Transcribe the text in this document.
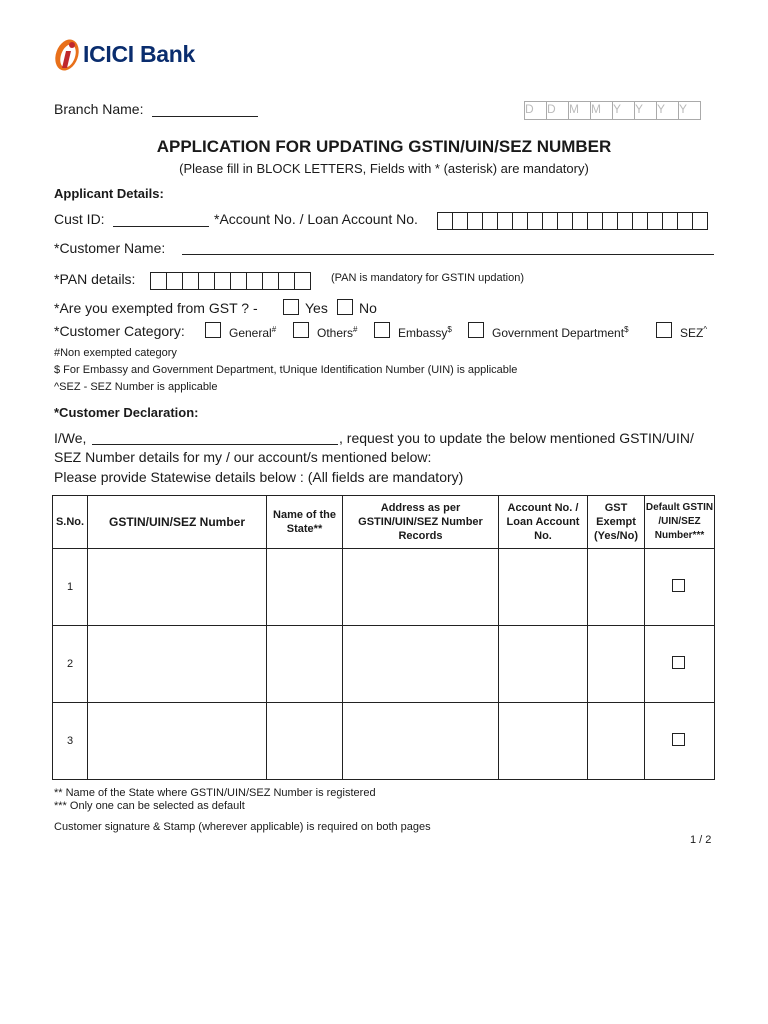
ICICI Bank
Branch Name:	D	D	M	M	Y	Y	Y	Y
APPLICATION FOR UPDATING GSTIN/UIN/SEZ NUMBER
(Please fill in BLOCK LETTERS, Fields with * (asterisk) are mandatory)
Applicant Details:
Cust ID:	*Account No. / Loan Account No.
*Customer Name:
*PAN details:	(PAN is mandatory for GSTIN updation)
*Are you exempted from GST ? -	Yes No
*Customer Category:	General#	Others#	Embassy$	Government Department$	SEZ^
#Non exempted category
$ For Embassy and Government Department, tUnique Identification Number (UIN) is applicable
^SEZ - SEZ Number is applicable
*Customer Declaration:
I/We,	, request you to update the below mentioned GSTIN/UIN/
SEZ Number details for my / our account/s mentioned below:
Please provide Statewise details below : (All fields are mandatory)
S.No.	GSTIN/UIN/SEZ Number	Name of the State**	Address as per GSTIN/UIN/SEZ Number Records	Account No. / Loan Account No.	GST Exempt (Yes/No)	Default GSTIN /UIN/SEZ Number***
1						

2						

3						
** Name of the State where GSTIN/UIN/SEZ Number is registered
*** Only one can be selected as default
Customer signature & Stamp (wherever applicable) is required on both pages
1 / 2
